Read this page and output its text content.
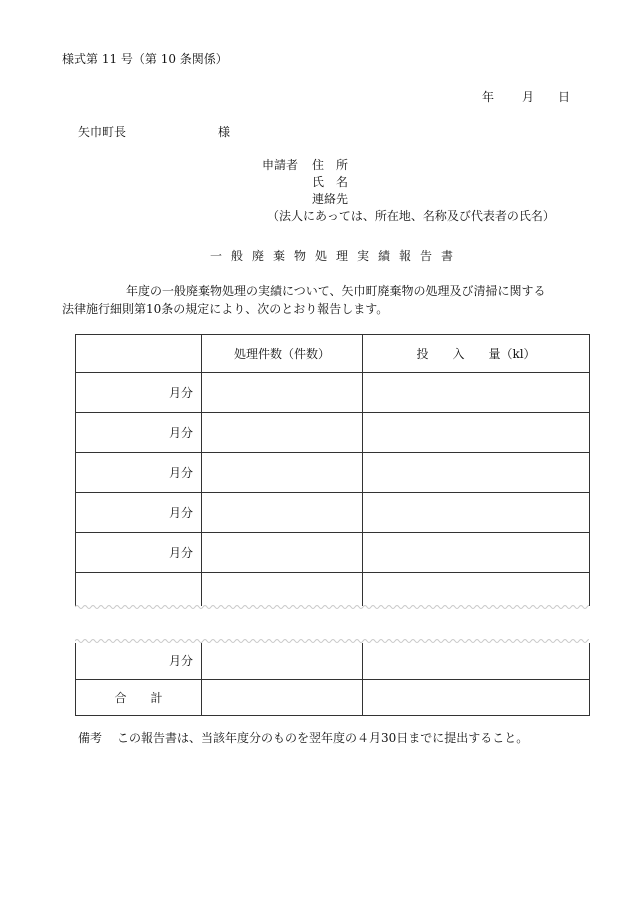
様式第 11 号（第 10 条関係）
年 月 日
矢巾町長	様
申請者 住　所
氏　名
連絡先
（法人にあっては、所在地、名称及び代表者の氏名）
一般廃棄物処理実績報告書
年度の一般廃棄物処理の実績について、矢巾町廃棄物の処理及び清掃に関する
法律施行細則第10条の規定により、次のとおり報告します。
	処理件数（件数）	投　　入　　量（kl）
月分		
月分		
月分		
月分		
月分		

月分		
合　　計		
備考 この報告書は、当該年度分のものを翌年度の４月30日までに提出すること。
